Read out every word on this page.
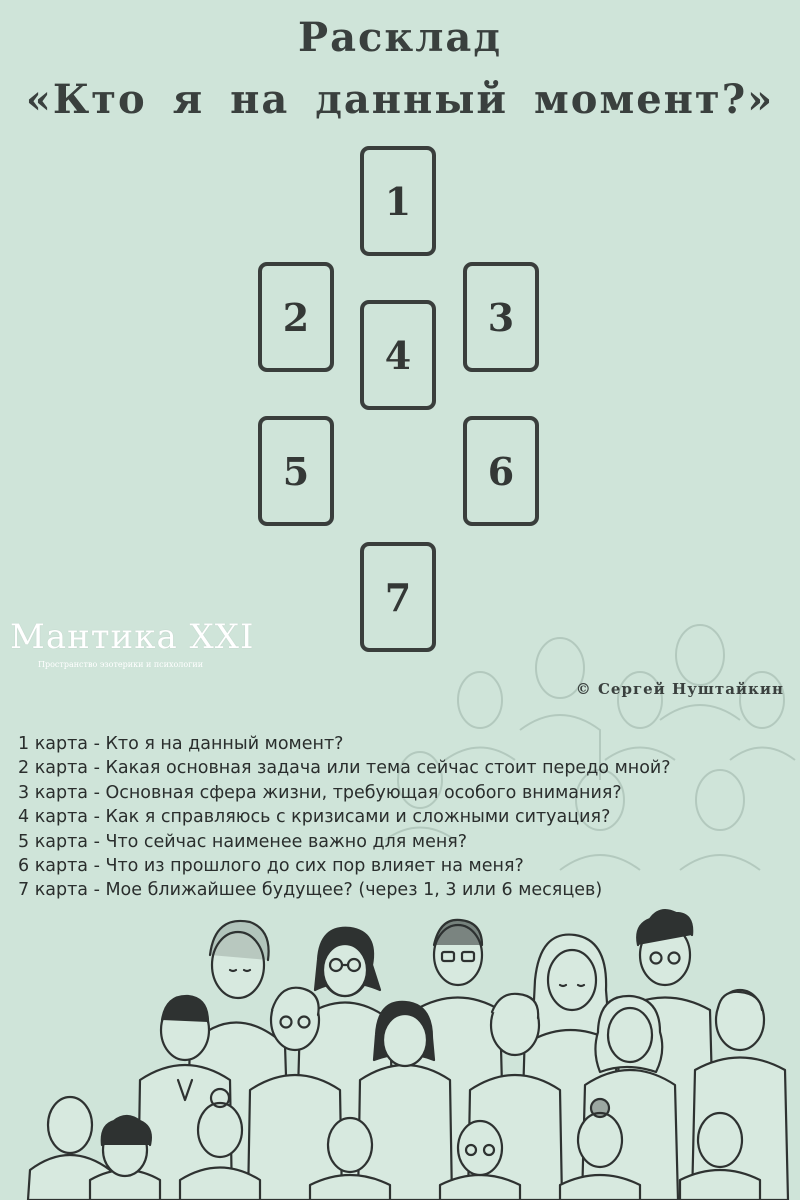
Расклад
«Кто я на данный момент?»
1
2	3
4
5	6
7
Мантика XXI
Пространство эзотерики и психологии
© Сергей Нуштайкин
1 карта - Кто я на данный момент?
2 карта - Какая основная задача или тема сейчас стоит передо мной?
3 карта - Основная сфера жизни, требующая особого внимания?
4 карта - Как я справляюсь с кризисами и сложными ситуация?
5 карта - Что сейчас наименее важно для меня?
6 карта - Что из прошлого до сих пор влияет на меня?
7 карта - Мое ближайшее будущее? (через 1, 3 или 6 месяцев)
